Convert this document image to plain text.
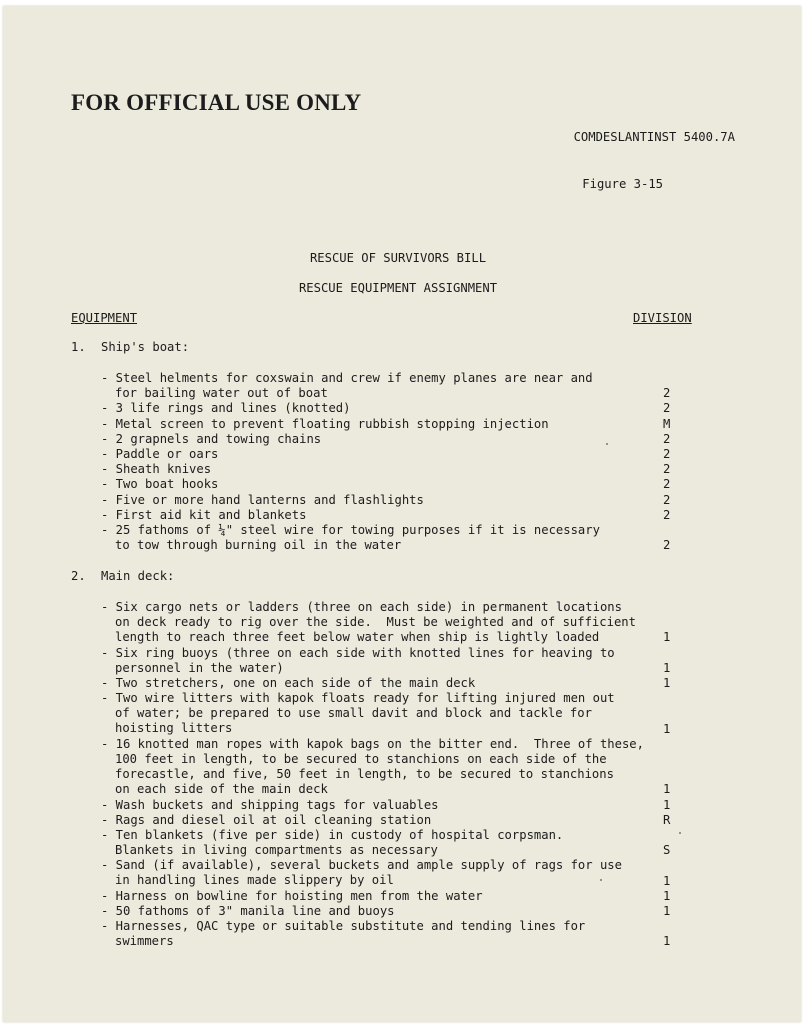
FOR OFFICIAL USE ONLY
COMDESLANTINST 5400.7A
Figure 3-15
RESCUE OF SURVIVORS BILL
RESCUE EQUIPMENT ASSIGNMENT
EQUIPMENT	DIVISION
1. Ship's boat:
- Steel helments for coxswain and crew if enemy planes are near and
for bailing water out of boat	2
- 3 life rings and lines (knotted)	2
- Metal screen to prevent floating rubbish stopping injection	M
- 2 grapnels and towing chains	2
- Paddle or oars	2
- Sheath knives	2
- Two boat hooks	2
- Five or more hand lanterns and flashlights	2
- First aid kit and blankets	2
- 25 fathoms of ¼" steel wire for towing purposes if it is necessary
to tow through burning oil in the water	2
2. Main deck:
- Six cargo nets or ladders (three on each side) in permanent locations
on deck ready to rig over the side.  Must be weighted and of sufficient
length to reach three feet below water when ship is lightly loaded	1
- Six ring buoys (three on each side with knotted lines for heaving to
personnel in the water)	1
- Two stretchers, one on each side of the main deck	1
- Two wire litters with kapok floats ready for lifting injured men out
of water; be prepared to use small davit and block and tackle for
hoisting litters	1
- 16 knotted man ropes with kapok bags on the bitter end.  Three of these,
100 feet in length, to be secured to stanchions on each side of the
forecastle, and five, 50 feet in length, to be secured to stanchions
on each side of the main deck	1
- Wash buckets and shipping tags for valuables	1
- Rags and diesel oil at oil cleaning station	R
- Ten blankets (five per side) in custody of hospital corpsman.
Blankets in living compartments as necessary	S
- Sand (if available), several buckets and ample supply of rags for use
in handling lines made slippery by oil	1
- Harness on bowline for hoisting men from the water	1
- 50 fathoms of 3" manila line and buoys	1
- Harnesses, QAC type or suitable substitute and tending lines for
swimmers	1
